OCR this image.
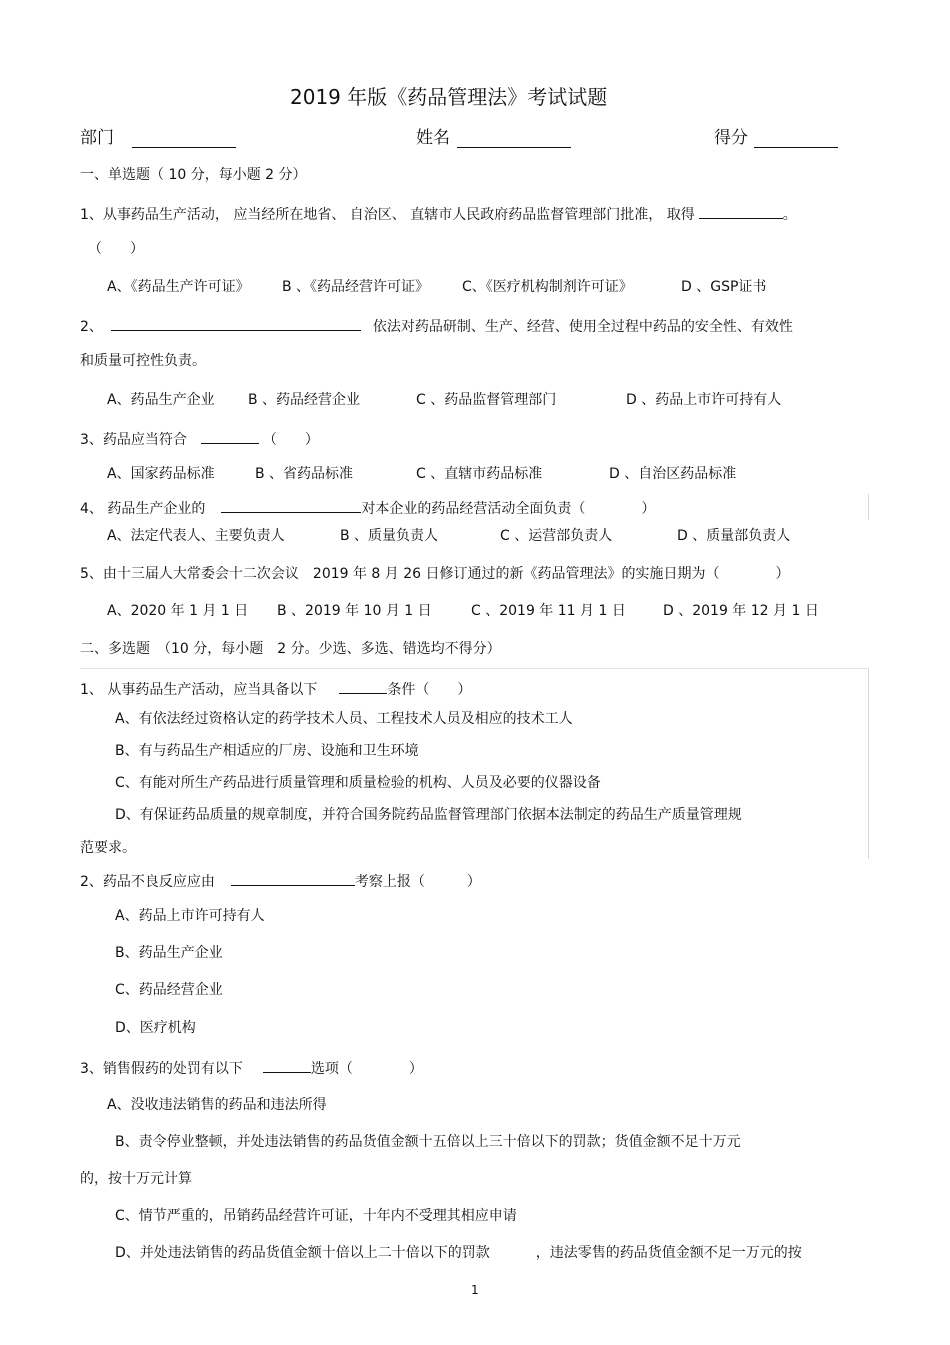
2019 年版《药品管理法》考试试题
部门	姓名	得分
一、单选题（ 10 分，每小题 2 分）
1、从事药品生产活动， 应当经所在地省、 自治区、 直辖市人民政府药品监督管理部门批准， 取得	。
（　　）
A、《药品生产许可证》 B 、《药品经营许可证》 C、《医疗机构制剂许可证》	D 、GSP证书
2、	依法对药品研制、生产、经营、使用全过程中药品的安全性、有效性
和质量可控性负责。
A、药品生产企业 B 、药品经营企业	C 、药品监督管理部门	D 、药品上市许可持有人
3、药品应当符合	（　　）
A、国家药品标准	B 、省药品标准	C 、直辖市药品标准	D 、自治区药品标准
4、 药品生产企业的	对本企业的药品经营活动全面负责（　　　　）
A、法定代表人、主要负责人	B 、质量负责人	C 、运营部负责人	D 、质量部负责人
5、由十三届人大常委会十二次会议　2019 年 8 月 26 日修订通过的新《药品管理法》的实施日期为（　　　　）
A、2020 年 1 月 1 日 B 、2019 年 10 月 1 日	C 、2019 年 11 月 1 日	D 、2019 年 12 月 1 日
二、多选题　（10 分，每小题　2 分。少选、多选、错选均不得分）
1、 从事药品生产活动，应当具备以下	条件（　　）
A、有依法经过资格认定的药学技术人员、工程技术人员及相应的技术工人
B、有与药品生产相适应的厂房、设施和卫生环境
C、有能对所生产药品进行质量管理和质量检验的机构、人员及必要的仪器设备
D、有保证药品质量的规章制度，并符合国务院药品监督管理部门依据本法制定的药品生产质量管理规
范要求。
2、药品不良反应应由	考察上报（　　　）
A、药品上市许可持有人
B、药品生产企业
C、药品经营企业
D、医疗机构
3、销售假药的处罚有以下	选项（　　　　）
A、没收违法销售的药品和违法所得
B、责令停业整顿，并处违法销售的药品货值金额十五倍以上三十倍以下的罚款；货值金额不足十万元
的，按十万元计算
C、情节严重的，吊销药品经营许可证，十年内不受理其相应申请
D、并处违法销售的药品货值金额十倍以上二十倍以下的罚款	，违法零售的药品货值金额不足一万元的按
1
